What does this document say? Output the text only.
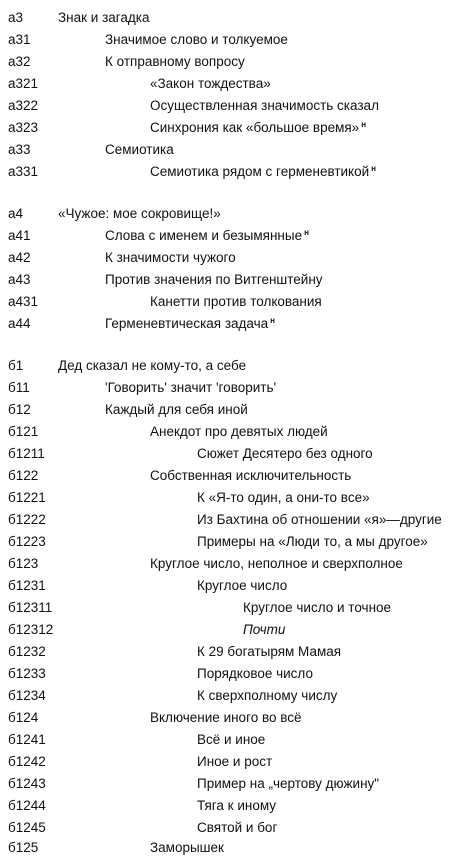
а3	Знак и загадка
а31	Значимое слово и толкуемое
а32	К отправному вопросу
а321	«Закон тождества»
а322	Осуществленная значимость сказал
а323	Синхрония как «большое время» $^н$
а33	Семиотика
а331	Семиотика рядом с герменевтикой $^н$
а4	«Чужое: мое сокровище!»
а41	Слова с именем и безымянные $^н$
а42	К значимости чужого
а43	Против значения по Витгенштейну
а431	Канетти против толкования
а44	Герменевтическая задача $^н$
б1	Дед сказал не кому-то, а себе
б11	'Говорить' значит 'говорить'
б12	Каждый для себя иной
б121	Анекдот про девятых людей
б1211	Сюжет Десятеро без одного
б122	Собственная исключительность
б1221	К «Я-то один, а они-то все»
б1222	Из Бахтина об отношении «я»—другие
б1223	Примеры на «Люди то, а мы другое»
б123	Круглое число, неполное и сверхполное
б1231	Круглое число
б12311	Круглое число и точное
б12312	Почти
б1232	К 29 богатырям Мамая
б1233	Порядковое число
б1234	К сверхполному числу
б124	Включение иного во всё
б1241	Всё и иное
б1242	Иное и рост
б1243	Пример на „чертову дюжину"
б1244	Тяга к иному
б1245	Святой и бог
б125	Заморышек
